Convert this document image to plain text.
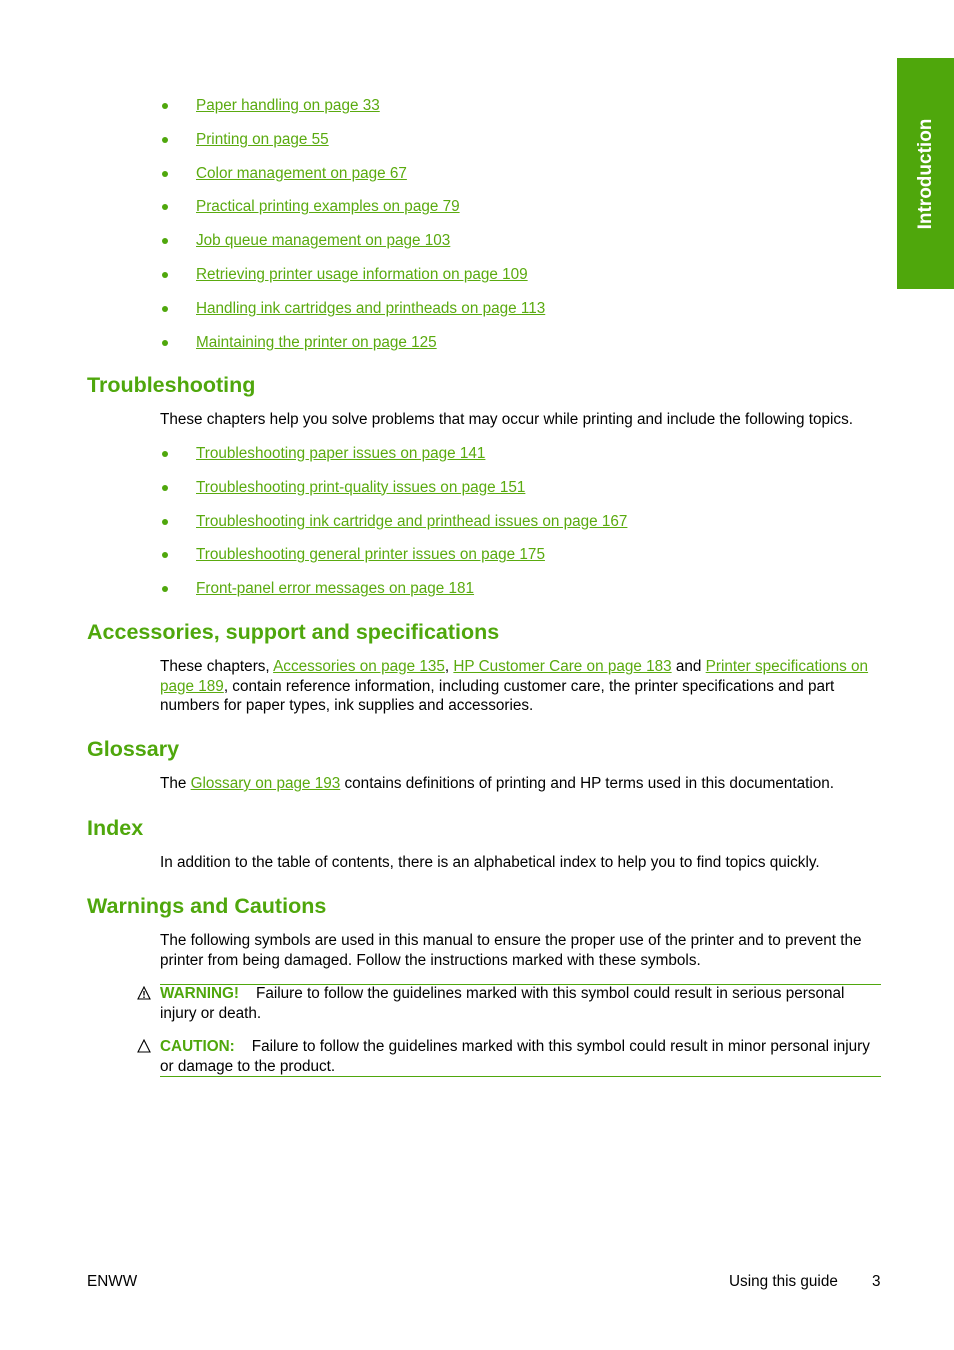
Introduction
Paper handling on page 33
Printing on page 55
Color management on page 67
Practical printing examples on page 79
Job queue management on page 103
Retrieving printer usage information on page 109
Handling ink cartridges and printheads on page 113
Maintaining the printer on page 125
Troubleshooting

These chapters help you solve problems that may occur while printing and include the following topics.

Troubleshooting paper issues on page 141
Troubleshooting print-quality issues on page 151
Troubleshooting ink cartridge and printhead issues on page 167
Troubleshooting general printer issues on page 175
Front-panel error messages on page 181
Accessories, support and specifications

These chapters, Accessories on page 135, HP Customer Care on page 183 and Printer specifications on page 189, contain reference information, including customer care, the printer specifications and part numbers for paper types, ink supplies and accessories.

Glossary

The Glossary on page 193 contains definitions of printing and HP terms used in this documentation.

Index

In addition to the table of contents, there is an alphabetical index to help you to find topics quickly.

Warnings and Cautions

The following symbols are used in this manual to ensure the proper use of the printer and to prevent the printer from being damaged. Follow the instructions marked with these symbols.

WARNING! Failure to follow the guidelines marked with this symbol could result in serious personal injury or death.
CAUTION: Failure to follow the guidelines marked with this symbol could result in minor personal injury or damage to the product.
ENWW	Using this guide 3
